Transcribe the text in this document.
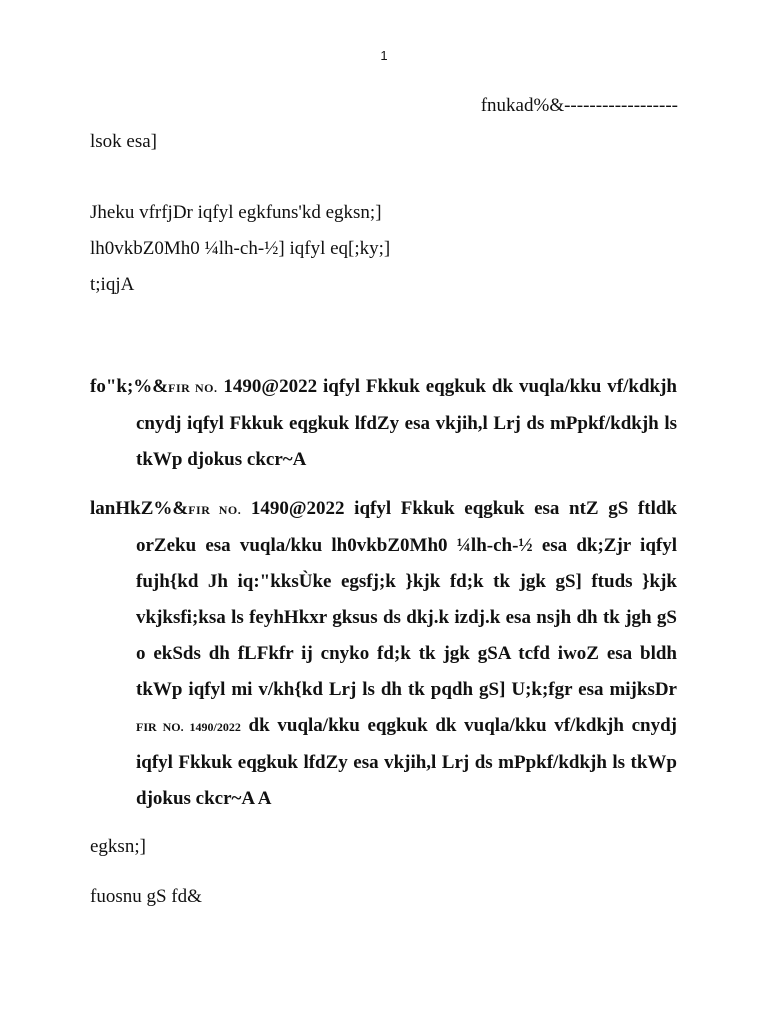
1
fnukad%&------------------
lsok esa]
Jheku vfrfjDr iqfyl egkfuns'kd egksn;]
lh0vkbZ0Mh0 ¼lh-ch-½] iqfyl eq[;ky;]
t;iqjA
fo"k;%&FIR NO. 1490@2022 iqfyl Fkkuk eqgkuk dk vuqla/kku vf/kdkjh cnydj iqfyl Fkkuk eqgkuk lfdZy esa vkjih,l Lrj ds mPpkf/kdkjh ls tkWp djokus ckcr~A
lanHkZ%&FIR NO. 1490@2022 iqfyl Fkkuk eqgkuk esa ntZ gS ftldk orZeku esa vuqla/kku lh0vkbZ0Mh0 ¼lh-ch-½ esa dk;Zjr iqfyl fujh{kd Jh iq:"kksÙke egsfj;k }kjk fd;k tk jgk gS] ftuds }kjk vkjksfi;ksa ls feyhHkxr gksus ds dkj.k izdj.k esa nsjh dh tk jgh gS o ekSds dh fLFkfr ij cnyko fd;k tk jgk gSA tcfd iwoZ esa bldh tkWp iqfyl mi v/kh{kd Lrj ls dh tk pqdh gS] U;k;fgr esa mijksDr FIR NO. 1490/2022 dk vuqla/kku eqgkuk dk vuqla/kku vf/kdkjh cnydj iqfyl Fkkuk eqgkuk lfdZy esa vkjih,l Lrj ds mPpkf/kdkjh ls tkWp djokus ckcr~A A
egksn;]
fuosnu gS fd&
